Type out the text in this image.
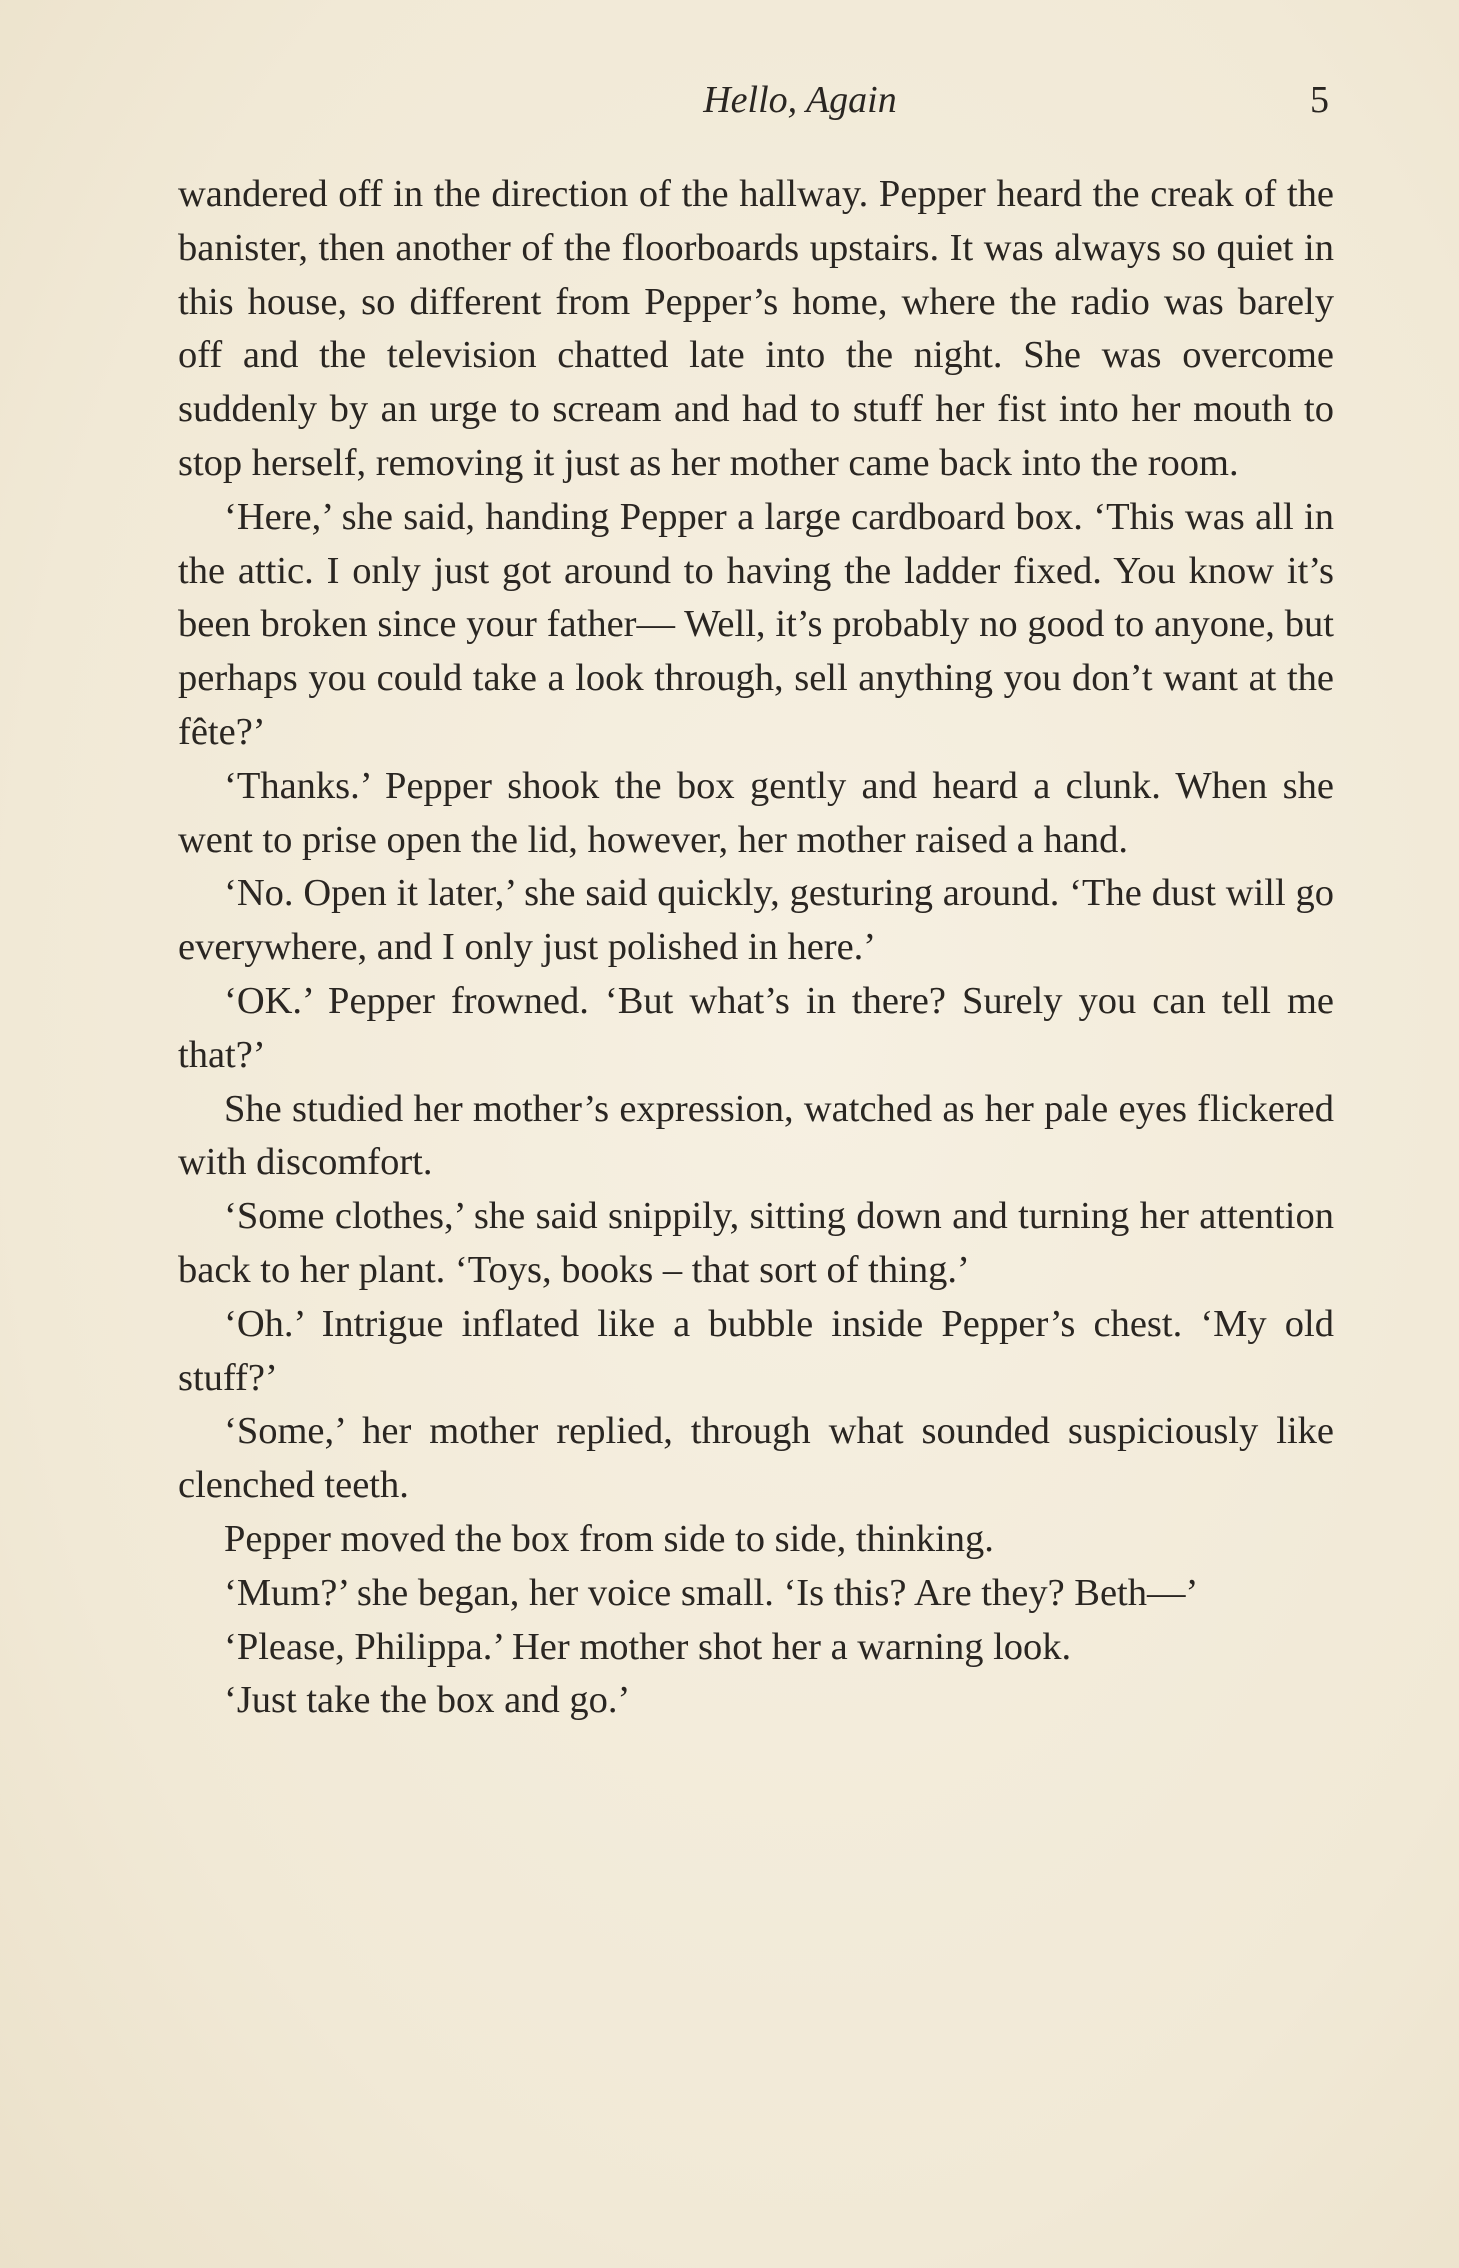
Hello, Again	5

wandered off in the direction of the hallway. Pepper heard the creak of the banister, then another of the floorboards upstairs. It was always so quiet in this house, so different from Pepper’s home, where the radio was barely off and the television chatted late into the night. She was overcome suddenly by an urge to scream and had to stuff her fist into her mouth to stop herself, removing it just as her mother came back into the room.

‘Here,’ she said, handing Pepper a large cardboard box. ‘This was all in the attic. I only just got around to having the ladder fixed. You know it’s been broken since your father— Well, it’s probably no good to anyone, but perhaps you could take a look through, sell anything you don’t want at the fête?’

‘Thanks.’ Pepper shook the box gently and heard a clunk. When she went to prise open the lid, however, her mother raised a hand.

‘No. Open it later,’ she said quickly, gesturing around. ‘The dust will go everywhere, and I only just polished in here.’

‘OK.’ Pepper frowned. ‘But what’s in there? Surely you can tell me that?’

She studied her mother’s expression, watched as her pale eyes flickered with discomfort.

‘Some clothes,’ she said snippily, sitting down and turning her attention back to her plant. ‘Toys, books – that sort of thing.’

‘Oh.’ Intrigue inflated like a bubble inside Pepper’s chest. ‘My old stuff?’

‘Some,’ her mother replied, through what sounded suspiciously like clenched teeth.

Pepper moved the box from side to side, thinking.

‘Mum?’ she began, her voice small. ‘Is this? Are they? Beth—’

‘Please, Philippa.’ Her mother shot her a warning look.

‘Just take the box and go.’
